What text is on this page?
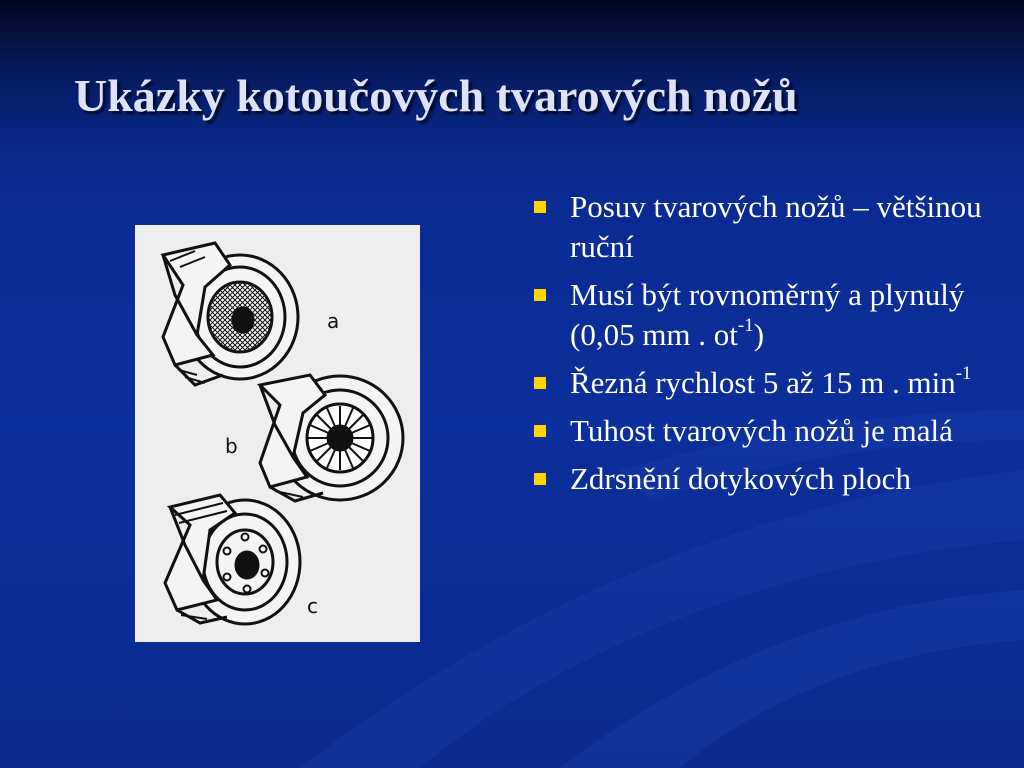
Ukázky kotoučových tvarových nožů
a
b
c
Posuv tvarových nožů – většinou ruční
Musí být rovnoměrný a plynulý (0,05 mm . $ot^{-1}$)
Řezná rychlost 5 až 15 m . $\min^{-1}$
Tuhost tvarových nožů je malá
Zdrsnění dotykových ploch
